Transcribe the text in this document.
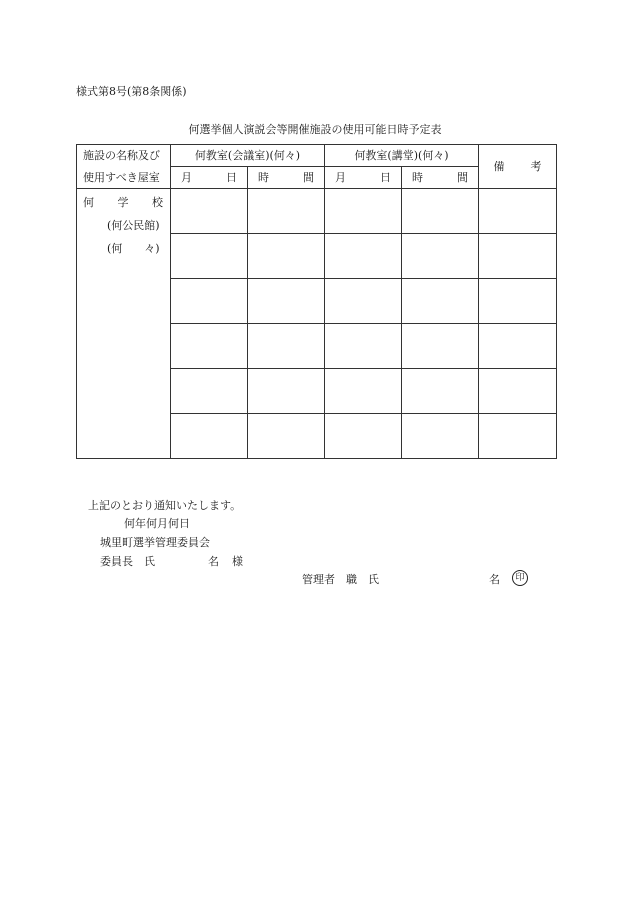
様式第8号(第8条関係)
何選挙個人演説会等開催施設の使用可能日時予定表
施設の名称及び	何教室(会議室)(何々)		何教室(講堂)(何々)		備　考
使用すべき屋室	月 日	時 間	月 日	時 間	

何 学 校
(何公民館)
(何　　々)					

上記のとおり通知いたします。
何年何月何日
城里町選挙管理委員会
委員長　氏	名 様
管理者　職　氏	名	印
